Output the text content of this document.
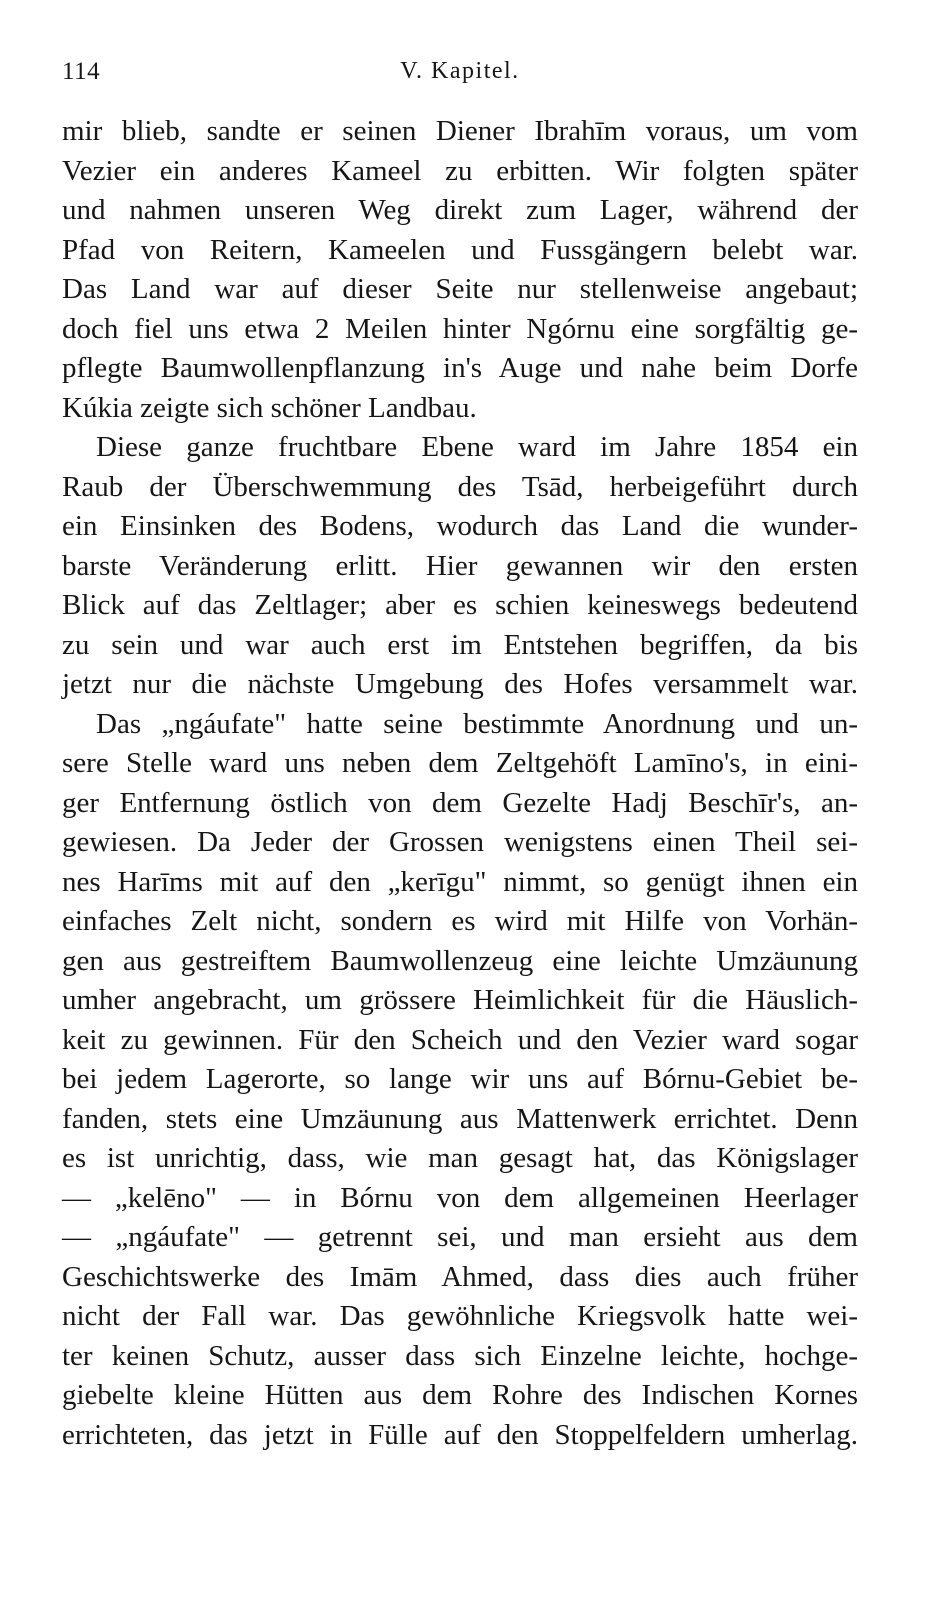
114	V. Kapitel.
mir blieb, sandte er seinen Diener Ibrahīm voraus, um vom
Vezier ein anderes Kameel zu erbitten. Wir folgten später
und nahmen unseren Weg direkt zum Lager, während der
Pfad von Reitern, Kameelen und Fussgängern belebt war.
Das Land war auf dieser Seite nur stellenweise angebaut;
doch fiel uns etwa 2 Meilen hinter Ngórnu eine sorgfältig ge-
pflegte Baumwollenpflanzung in's Auge und nahe beim Dorfe
Kúkia zeigte sich schöner Landbau.
Diese ganze fruchtbare Ebene ward im Jahre 1854 ein
Raub der Überschwemmung des Tsād, herbeigeführt durch
ein Einsinken des Bodens, wodurch das Land die wunder-
barste Veränderung erlitt. Hier gewannen wir den ersten
Blick auf das Zeltlager; aber es schien keineswegs bedeutend
zu sein und war auch erst im Entstehen begriffen, da bis
jetzt nur die nächste Umgebung des Hofes versammelt war.
Das „ngáufate" hatte seine bestimmte Anordnung und un-
sere Stelle ward uns neben dem Zeltgehöft Lamīno's, in eini-
ger Entfernung östlich von dem Gezelte Hadj Beschīr's, an-
gewiesen. Da Jeder der Grossen wenigstens einen Theil sei-
nes Harīms mit auf den „kerīgu" nimmt, so genügt ihnen ein
einfaches Zelt nicht, sondern es wird mit Hilfe von Vorhän-
gen aus gestreiftem Baumwollenzeug eine leichte Umzäunung
umher angebracht, um grössere Heimlichkeit für die Häuslich-
keit zu gewinnen. Für den Scheich und den Vezier ward sogar
bei jedem Lagerorte, so lange wir uns auf Bórnu-Gebiet be-
fanden, stets eine Umzäunung aus Mattenwerk errichtet. Denn
es ist unrichtig, dass, wie man gesagt hat, das Königslager
— „kelēno" — in Bórnu von dem allgemeinen Heerlager
— „ngáufate" — getrennt sei, und man ersieht aus dem
Geschichtswerke des Imām Ahmed, dass dies auch früher
nicht der Fall war. Das gewöhnliche Kriegsvolk hatte wei-
ter keinen Schutz, ausser dass sich Einzelne leichte, hochge-
giebelte kleine Hütten aus dem Rohre des Indischen Kornes
errichteten, das jetzt in Fülle auf den Stoppelfeldern umherlag.
